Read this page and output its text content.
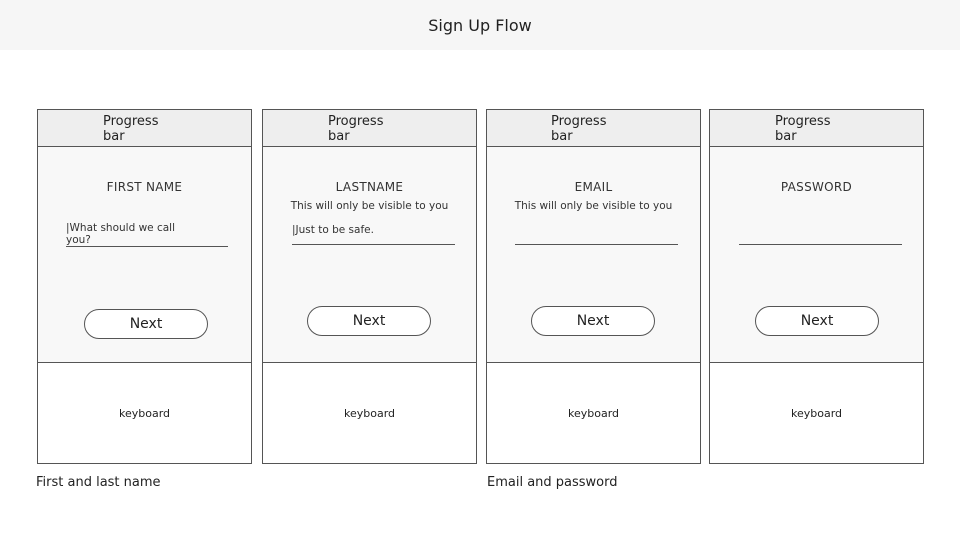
Sign Up Flow
Progress bar
FIRST NAME
|What should we call you?
Next
keyboard
Progress bar
LASTNAME
This will only be visible to you
|Just to be safe.
Next
keyboard
Progress bar
EMAIL
This will only be visible to you
Next
keyboard
Progress bar
PASSWORD
Next
keyboard
First and last name	Email and password
